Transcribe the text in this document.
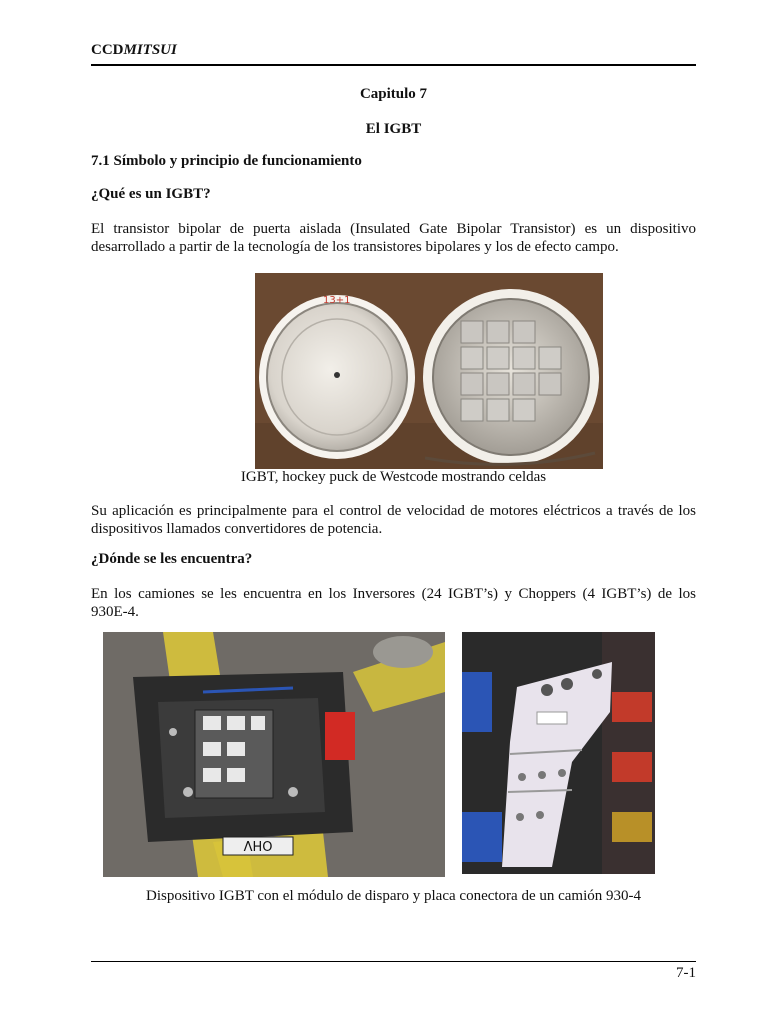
CCDMITSUI
Capitulo 7
El IGBT
7.1 Símbolo y principio de funcionamiento
¿Qué es un IGBT?
El transistor bipolar de puerta aislada (Insulated Gate Bipolar Transistor) es un dispositivo
desarrollado a partir de la tecnología de los transistores bipolares y los de efecto campo.
13+1
IGBT, hockey puck de Westcode mostrando celdas
Su aplicación es principalmente para el control de velocidad de motores eléctricos a través de los
dispositivos llamados convertidores de potencia.
¿Dónde se les encuentra?
En los camiones se les encuentra en los Inversores (24 IGBT’s) y Choppers (4 IGBT’s) de los
930E-4.
OHV
Dispositivo IGBT con el módulo de disparo y placa conectora de un camión 930-4
7-1
